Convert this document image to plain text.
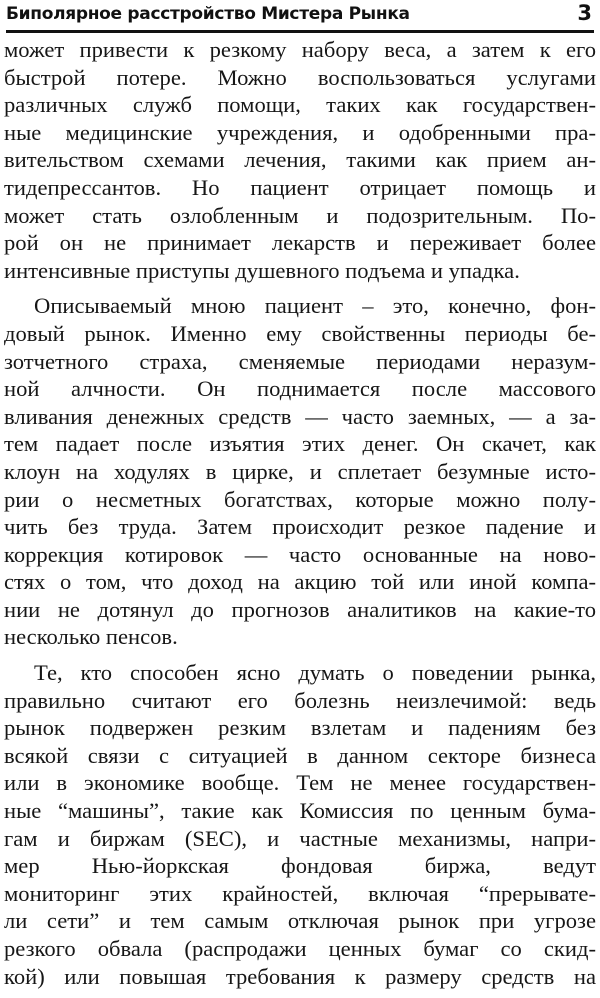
Биполярное расстройство Мистера Рынка	3
может привести к резкому набору веса, а затем к его
быстрой потере. Можно воспользоваться услугами
различных служб помощи, таких как государствен-
ные медицинские учреждения, и одобренными пра-
вительством схемами лечения, такими как прием ан-
тидепрессантов. Но пациент отрицает помощь и
может стать озлобленным и подозрительным. По-
рой он не принимает лекарств и переживает более
интенсивные приступы душевного подъема и упадка.
Описываемый мною пациент – это, конечно, фон-
довый рынок. Именно ему свойственны периоды бе-
зотчетного страха, сменяемые периодами неразум-
ной алчности. Он поднимается после массового
вливания денежных средств — часто заемных, — а за-
тем падает после изъятия этих денег. Он скачет, как
клоун на ходулях в цирке, и сплетает безумные исто-
рии о несметных богатствах, которые можно полу-
чить без труда. Затем происходит резкое падение и
коррекция котировок — часто основанные на ново-
стях о том, что доход на акцию той или иной компа-
нии не дотянул до прогнозов аналитиков на какие-то
несколько пенсов.
Те, кто способен ясно думать о поведении рынка,
правильно считают его болезнь неизлечимой: ведь
рынок подвержен резким взлетам и падениям без
всякой связи с ситуацией в данном секторе бизнеса
или в экономике вообще. Тем не менее государствен-
ные “машины”, такие как Комиссия по ценным бума-
гам и биржам (SEC), и частные механизмы, напри-
мер Нью-йоркская фондовая биржа, ведут
мониторинг этих крайностей, включая “прерывате-
ли сети” и тем самым отключая рынок при угрозе
резкого обвала (распродажи ценных бумаг со скид-
кой) или повышая требования к размеру средств на
